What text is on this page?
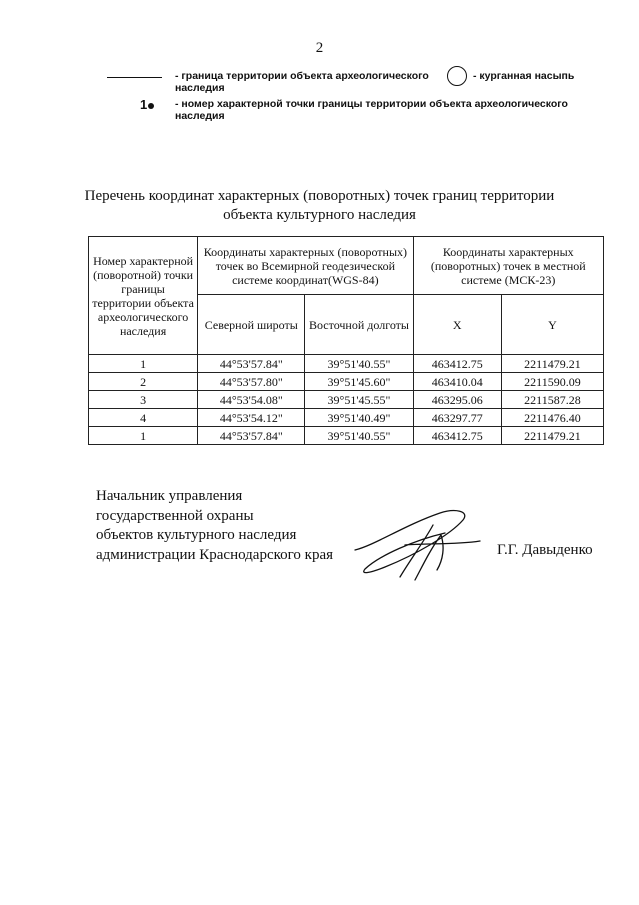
2
- граница территории объекта археологического наследия
- курганная насыпь
1	- номер характерной точки границы территории объекта археологического наследия
Перечень координат характерных (поворотных) точек границ территории
объекта культурного наследия
Номер характерной (поворотной) точки границы территории объекта археологического наследия	Координаты характерных (поворотных) точек во Всемирной геодезической системе координат(WGS-84)		Координаты характерных (поворотных) точек в местной системе (МСК-23)	
	Северной широты	Восточной долготы	X	Y
1	44°53'57.84"	39°51'40.55"	463412.75	2211479.21
2	44°53'57.80"	39°51'45.60"	463410.04	2211590.09
3	44°53'54.08"	39°51'45.55"	463295.06	2211587.28
4	44°53'54.12"	39°51'40.49"	463297.77	2211476.40
1	44°53'57.84"	39°51'40.55"	463412.75	2211479.21
Начальник управления
государственной охраны
объектов культурного наследия
администрации Краснодарского края	Г.Г. Давыденко
